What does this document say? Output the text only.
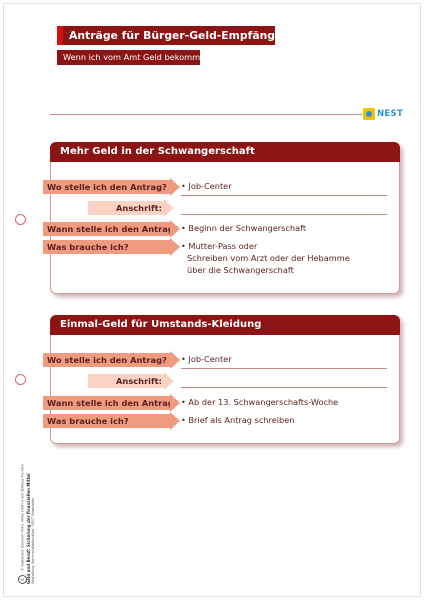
Anträge für Bürger-Geld-Empfänger
Wenn ich vom Amt Geld bekomme.
NEST
4 © Nationales Zentrum Frühe Hilfen (NZFH) und Stiftung Pro Kind Geld und Beruf: Sicherung der finanziellen Mittel
Gestaltung: Kommunikationsbüro · NEST Materialien
Mehr Geld in der Schwangerschaft
Wo stelle ich den Antrag?	• Job-Center
Anschrift:
Wann stelle ich den Antrag? • Beginn der Schwangerschaft
Was brauche ich?	• Mutter-Pass oder
Schreiben vom Arzt oder der Hebamme
über die Schwangerschaft
Einmal-Geld für Umstands-Kleidung
Wo stelle ich den Antrag?	• Job-Center
Anschrift:
Wann stelle ich den Antrag? • Ab der 13. Schwangerschafts-Woche
Was brauche ich?	• Brief als Antrag schreiben
